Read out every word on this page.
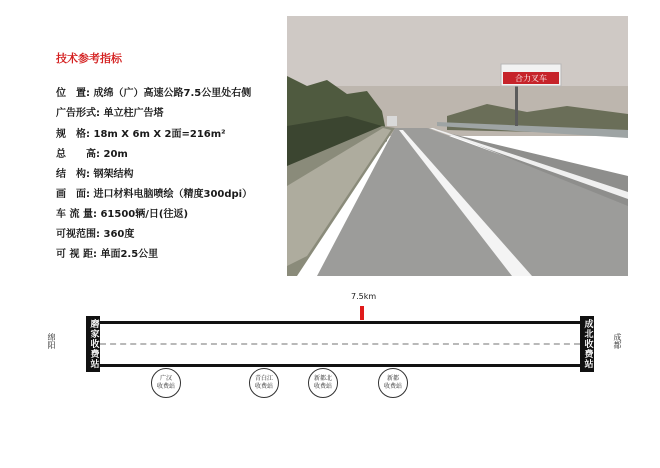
技术参考指标
位　置: 成绵（广）高速公路7.5公里处右侧
广告形式: 单立柱广告塔
规　格: 18m X 6m X 2面=216m²
总　　高: 20m
结　构: 钢架结构
画　面: 进口材料电脑喷绘（精度300dpi）
车 流 量: 61500辆/日(往返)
可视范围: 360度
可 视 距: 单面2.5公里
合力叉车
7.5km
绵阳	成都
磨家收费站	成北收费站
广汉
收费站
青白江
收费站
新都北
收费站
新都
收费站
